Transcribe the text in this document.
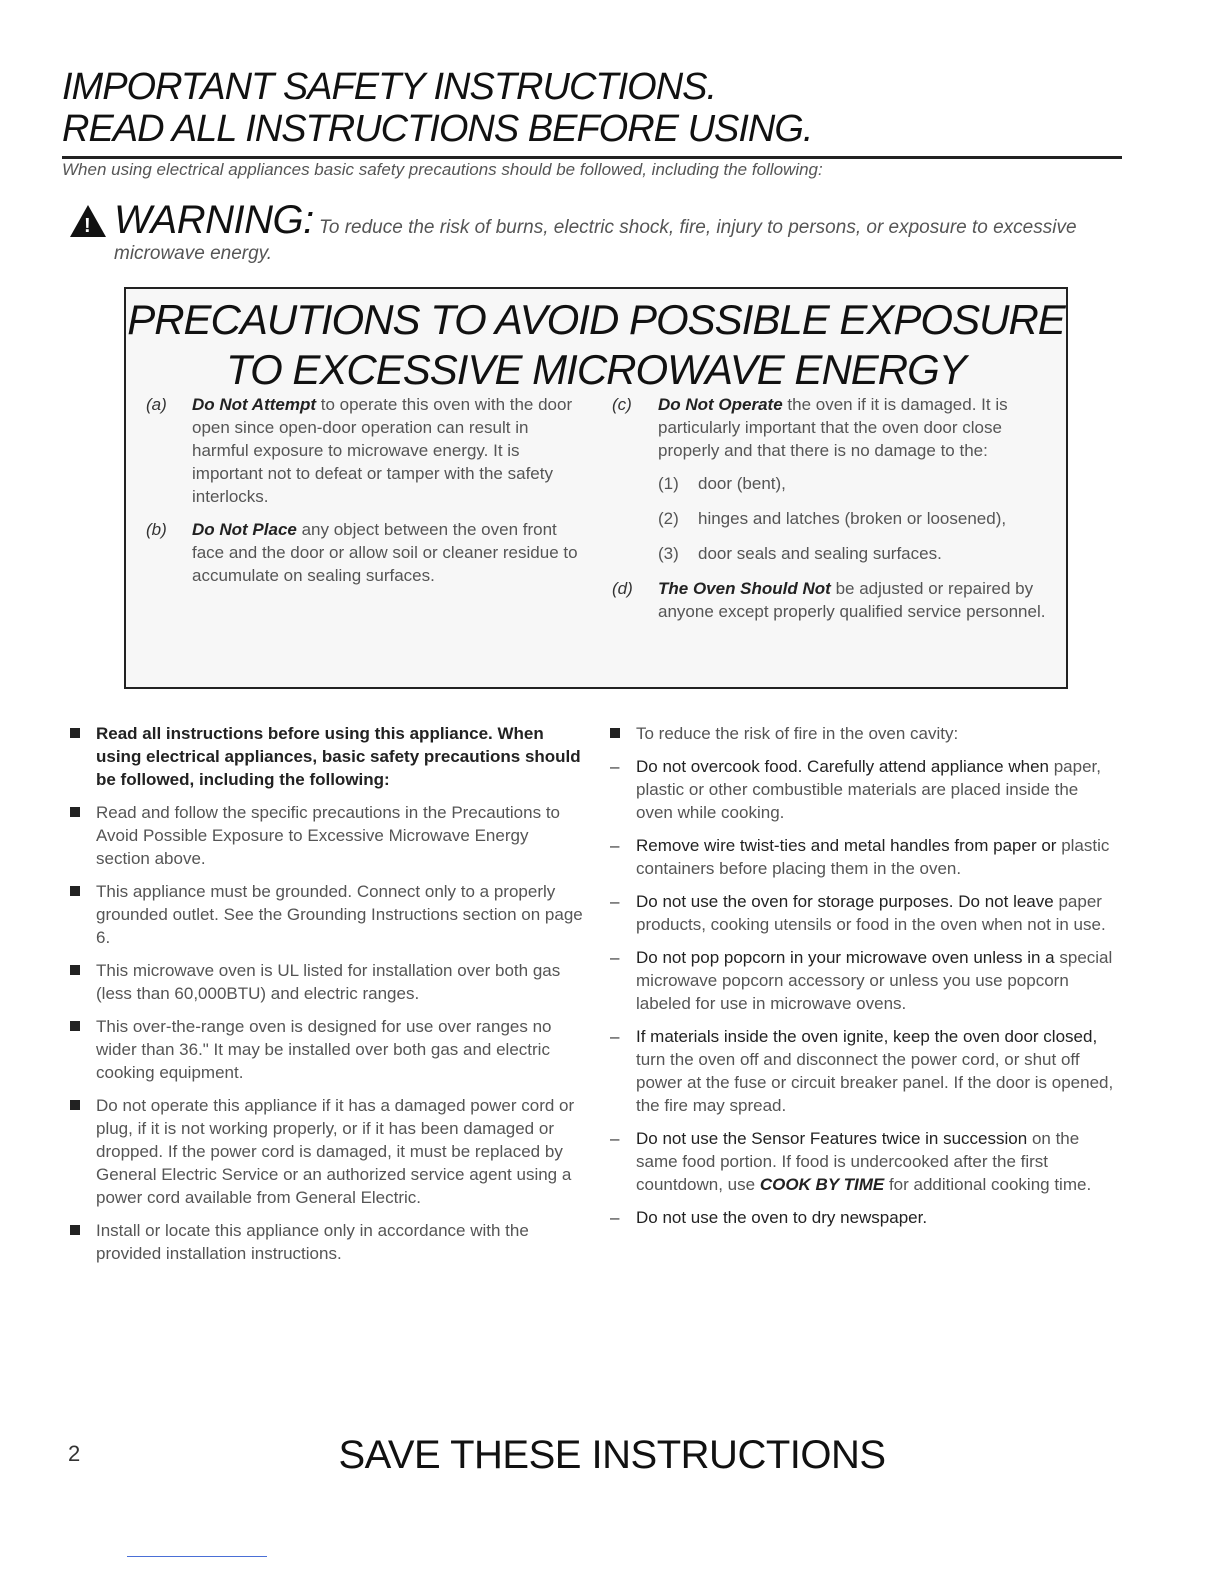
IMPORTANT SAFETY INSTRUCTIONS.
READ ALL INSTRUCTIONS BEFORE USING.
When using electrical appliances basic safety precautions should be followed, including the following:
!WARNING: To reduce the risk of burns, electric shock, fire, injury to persons, or exposure to excessive
microwave energy.
PRECAUTIONS TO AVOID POSSIBLE EXPOSURE
TO EXCESSIVE MICROWAVE ENERGY
(a) Do Not Attempt to operate this oven with the door open since open-door operation can result in harmful exposure to microwave energy. It is important not to defeat or tamper with the safety interlocks.
(b) Do Not Place any object between the oven front face and the door or allow soil or cleaner residue to accumulate on sealing surfaces.
(c) Do Not Operate the oven if it is damaged. It is particularly important that the oven door close properly and that there is no damage to the:
(1) door (bent),
(2) hinges and latches (broken or loosened),
(3) door seals and sealing surfaces.
(d) The Oven Should Not be adjusted or repaired by anyone except properly qualified service personnel.
Read all instructions before using this appliance. When using electrical appliances, basic safety precautions should be followed, including the following:
Read and follow the specific precautions in the Precautions to Avoid Possible Exposure to Excessive Microwave Energy section above.
This appliance must be grounded. Connect only to a properly grounded outlet. See the Grounding Instructions section on page 6.
This microwave oven is UL listed for installation over both gas (less than 60,000BTU) and electric ranges.
This over-the-range oven is designed for use over ranges no wider than 36." It may be installed over both gas and electric cooking equipment.
Do not operate this appliance if it has a damaged power cord or plug, if it is not working properly, or if it has been damaged or dropped. If the power cord is damaged, it must be replaced by General Electric Service or an authorized service agent using a power cord available from General Electric.
Install or locate this appliance only in accordance with the provided installation instructions.
To reduce the risk of fire in the oven cavity:
– Do not overcook food. Carefully attend appliance when paper, plastic or other combustible materials are placed inside the oven while cooking.
– Remove wire twist-ties and metal handles from paper or plastic containers before placing them in the oven.
– Do not use the oven for storage purposes. Do not leave paper products, cooking utensils or food in the oven when not in use.
– Do not pop popcorn in your microwave oven unless in a special microwave popcorn accessory or unless you use popcorn labeled for use in microwave ovens.
– If materials inside the oven ignite, keep the oven door closed, turn the oven off and disconnect the power cord, or shut off power at the fuse or circuit breaker panel. If the door is opened, the fire may spread.
– Do not use the Sensor Features twice in succession on the same food portion. If food is undercooked after the first countdown, use COOK BY TIME for additional cooking time.
– Do not use the oven to dry newspaper.
2	SAVE THESE INSTRUCTIONS
